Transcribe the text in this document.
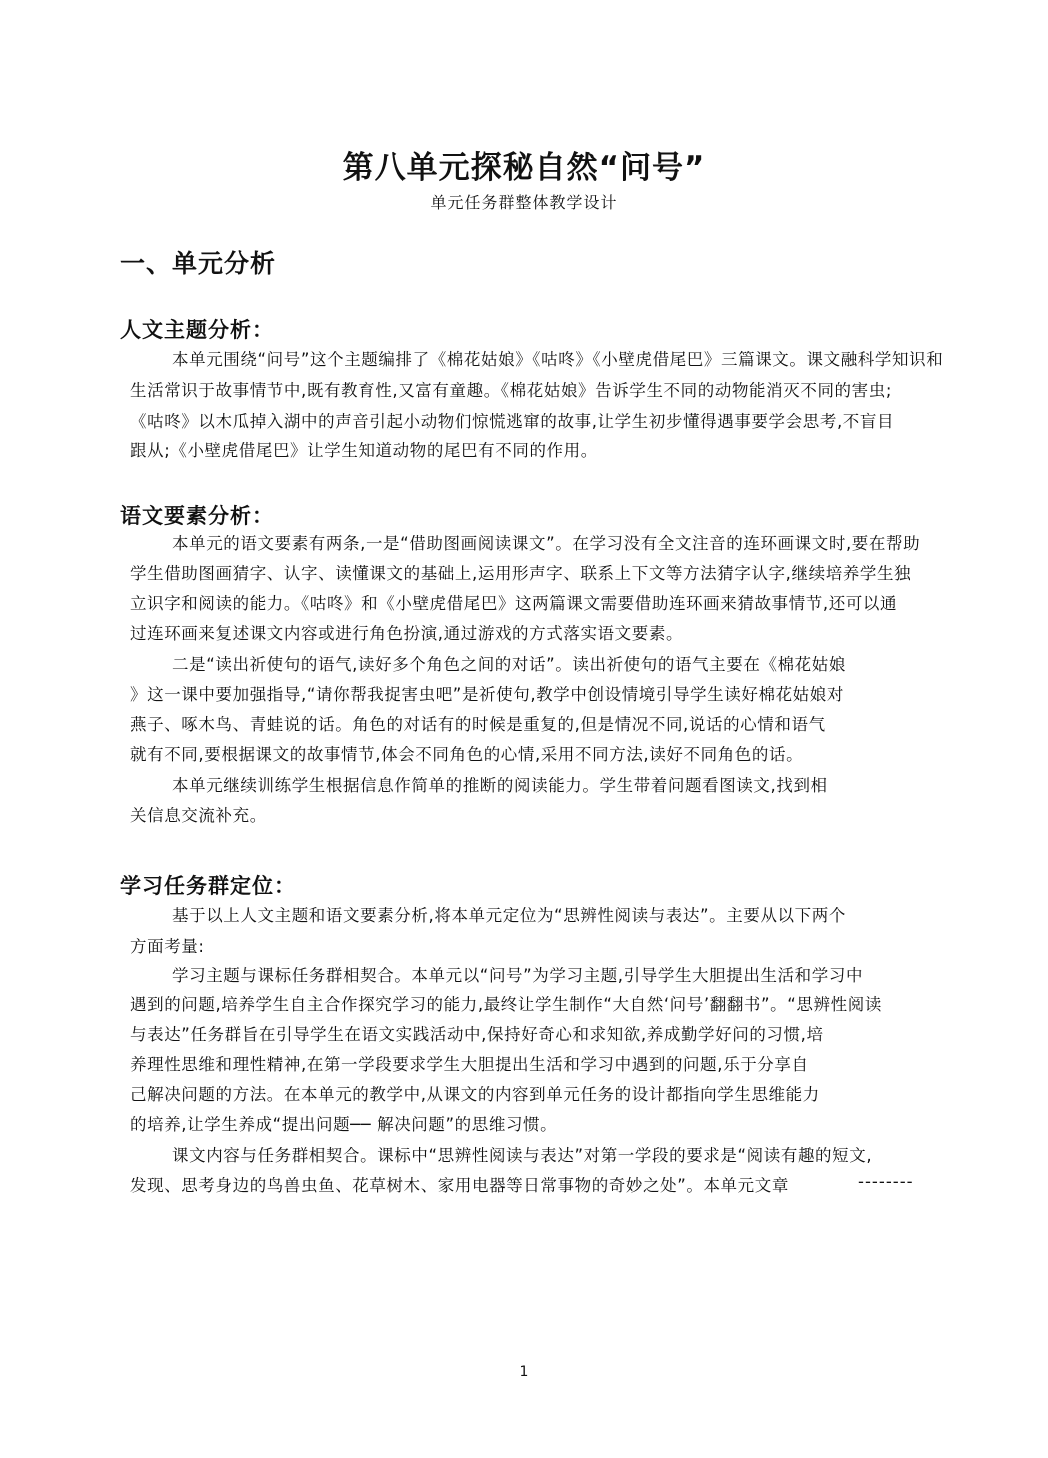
第八单元探秘自然“问号”
单元任务群整体教学设计
一、单元分析
人文主题分析：
本单元围绕“问号”这个主题编排了《棉花姑娘》《咕咚》《小壁虎借尾巴》三篇课文。课文融科学知识和
生活常识于故事情节中,既有教育性,又富有童趣。《棉花姑娘》告诉学生不同的动物能消灭不同的害虫;
《咕咚》以木瓜掉入湖中的声音引起小动物们惊慌逃窜的故事,让学生初步懂得遇事要学会思考,不盲目
跟从;《小壁虎借尾巴》让学生知道动物的尾巴有不同的作用。
语文要素分析：
本单元的语文要素有两条,一是“借助图画阅读课文”。在学习没有全文注音的连环画课文时,要在帮助
学生借助图画猜字、认字、读懂课文的基础上,运用形声字、联系上下文等方法猜字认字,继续培养学生独
立识字和阅读的能力。《咕咚》和《小壁虎借尾巴》这两篇课文需要借助连环画来猜故事情节,还可以通
过连环画来复述课文内容或进行角色扮演,通过游戏的方式落实语文要素。
二是“读出祈使句的语气,读好多个角色之间的对话”。读出祈使句的语气主要在《棉花姑娘
》这一课中要加强指导,“请你帮我捉害虫吧”是祈使句,教学中创设情境引导学生读好棉花姑娘对
燕子、啄木鸟、青蛙说的话。角色的对话有的时候是重复的,但是情况不同,说话的心情和语气
就有不同,要根据课文的故事情节,体会不同角色的心情,采用不同方法,读好不同角色的话。
本单元继续训练学生根据信息作简单的推断的阅读能力。学生带着问题看图读文,找到相
关信息交流补充。
学习任务群定位：
基于以上人文主题和语文要素分析,将本单元定位为“思辨性阅读与表达”。主要从以下两个
方面考量:
学习主题与课标任务群相契合。本单元以“问号”为学习主题,引导学生大胆提出生活和学习中
遇到的问题,培养学生自主合作探究学习的能力,最终让学生制作“大自然‘问号’翻翻书”。“思辨性阅读
与表达”任务群旨在引导学生在语文实践活动中,保持好奇心和求知欲,养成勤学好问的习惯,培
养理性思维和理性精神,在第一学段要求学生大胆提出生活和学习中遇到的问题,乐于分享自
己解决问题的方法。在本单元的教学中,从课文的内容到单元任务的设计都指向学生思维能力
的培养,让学生养成“提出问题── 解决问题”的思维习惯。
课文内容与任务群相契合。课标中“思辨性阅读与表达”对第一学段的要求是“阅读有趣的短文,
发现、思考身边的鸟兽虫鱼、花草树木、家用电器等日常事物的奇妙之处”。本单元文章	--------
1
